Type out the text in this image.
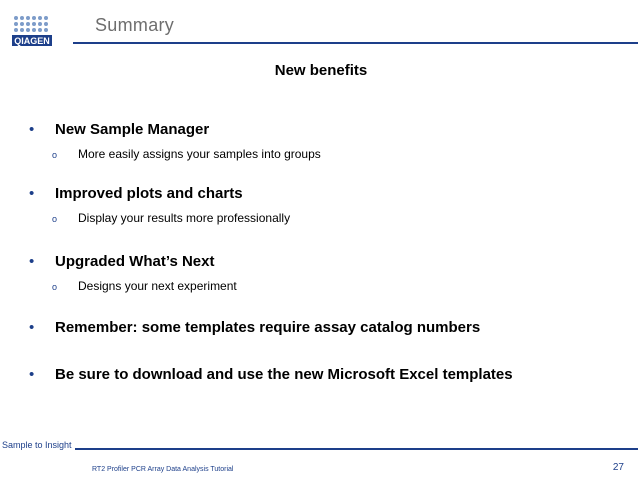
QIAGEN
Summary
New benefits
• New Sample Manager
o More easily assigns your samples into groups
• Improved plots and charts
o Display your results more professionally
• Upgraded What’s Next
o Designs your next experiment
• Remember: some templates require assay catalog numbers
• Be sure to download and use the new Microsoft Excel templates
Sample to Insight
RT2 Profiler PCR Array Data Analysis Tutorial	27
